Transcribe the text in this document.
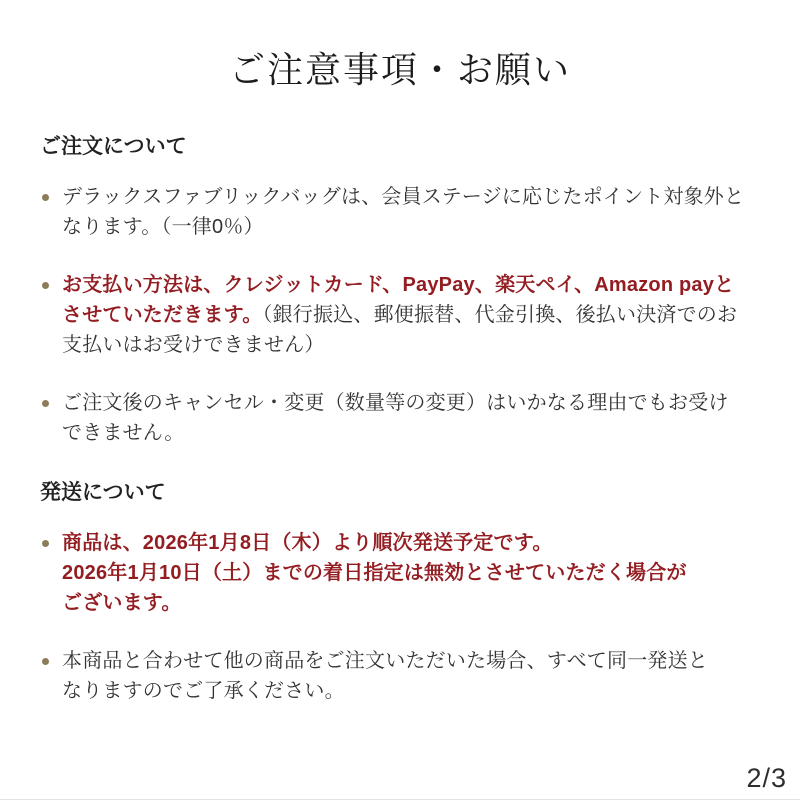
ご注意事項・お願い
ご注文について
デラックスファブリックバッグは、会員ステージに応じたポイント対象外と
なります。（一律0％）
お支払い方法は、クレジットカード、PayPay、楽天ペイ、Amazon payと
させていただきます。（銀行振込、郵便振替、代金引換、後払い決済でのお
支払いはお受けできません）
ご注文後のキャンセル・変更（数量等の変更）はいかなる理由でもお受け
できません。
発送について
商品は、2026年1月8日（木）より順次発送予定です。
2026年1月10日（土）までの着日指定は無効とさせていただく場合が
ございます。
本商品と合わせて他の商品をご注文いただいた場合、すべて同一発送と
なりますのでご了承ください。
2/3
